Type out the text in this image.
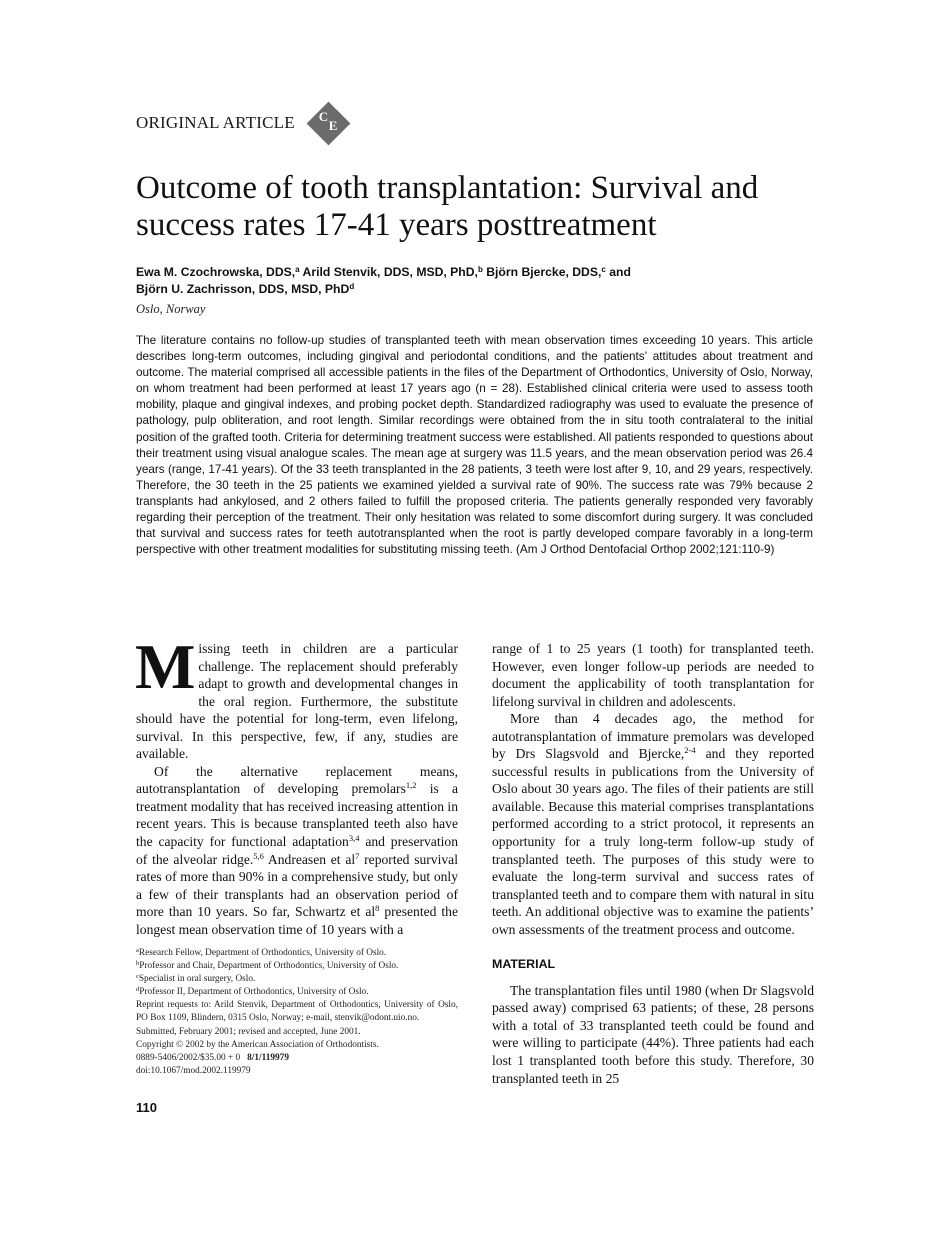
ORIGINAL ARTICLE C
E
Outcome of tooth transplantation: Survival and
success rates 17-41 years posttreatment
Ewa M. Czochrowska, DDS,$^a$ Arild Stenvik, DDS, MSD, PhD,$^b$ Björn Bjercke, DDS,$^c$ and
Björn U. Zachrisson, DDS, MSD, PhD$^d$
Oslo, Norway

The literature contains no follow-up studies of transplanted teeth with mean observation times exceeding 10 years. This article describes long-term outcomes, including gingival and periodontal conditions, and the patients’ attitudes about treatment and outcome. The material comprised all accessible patients in the files of the Department of Orthodontics, University of Oslo, Norway, on whom treatment had been performed at least 17 years ago (n = 28). Established clinical criteria were used to assess tooth mobility, plaque and gingival indexes, and probing pocket depth. Standardized radiography was used to evaluate the presence of pathology, pulp obliteration, and root length. Similar recordings were obtained from the in situ tooth contralateral to the initial position of the grafted tooth. Criteria for determining treatment success were established. All patients responded to questions about their treatment using visual analogue scales. The mean age at surgery was 11.5 years, and the mean observation period was 26.4 years (range, 17-41 years). Of the 33 teeth transplanted in the 28 patients, 3 teeth were lost after 9, 10, and 29 years, respectively. Therefore, the 30 teeth in the 25 patients we examined yielded a survival rate of 90%. The success rate was 79% because 2 transplants had ankylosed, and 2 others failed to fulfill the proposed criteria. The patients generally responded very favorably regarding their perception of the treatment. Their only hesitation was related to some discomfort during surgery. It was concluded that survival and success rates for teeth autotransplanted when the root is partly developed compare favorably in a long-term perspective with other treatment modalities for substituting missing teeth. (Am J Orthod Dentofacial Orthop 2002;121:110-9)

Missing teeth in children are a particular challenge. The replacement should preferably adapt to growth and developmental changes in the oral region. Furthermore, the substitute should have the potential for long-term, even lifelong, survival. In this perspective, few, if any, studies are available.

Of the alternative replacement means, autotransplantation of developing premolars$^{1,2}$ is a treatment modality that has received increasing attention in recent years. This is because transplanted teeth also have the capacity for functional adaptation$^{3,4}$ and preservation of the alveolar ridge.$^{5,6}$ Andreasen et $al^7$ reported survival rates of more than 90% in a comprehensive study, but only a few of their transplants had an observation period of more than 10 years. So far, Schwartz et $al^8$ presented the longest mean observation time of 10 years with a

range of 1 to 25 years (1 tooth) for transplanted teeth. However, even longer follow-up periods are needed to document the applicability of tooth transplantation for lifelong survival in children and adolescents.

More than 4 decades ago, the method for autotransplantation of immature premolars was developed by Drs Slagsvold and Bjercke,$^{2-4}$ and they reported successful results in publications from the University of Oslo about 30 years ago. The files of their patients are still available. Because this material comprises transplantations performed according to a strict protocol, it represents an opportunity for a truly long-term follow-up study of transplanted teeth. The purposes of this study were to evaluate the long-term survival and success rates of transplanted teeth and to compare them with natural in situ teeth. An additional objective was to examine the patients’ own assessments of the treatment process and outcome.

MATERIAL

The transplantation files until 1980 (when Dr Slagsvold passed away) comprised 63 patients; of these, 28 persons with a total of 33 transplanted teeth could be found and were willing to participate (44%). Three patients had each lost 1 transplanted tooth before this study. Therefore, 30 transplanted teeth in 25

$^a$Research Fellow, Department of Orthodontics, University of Oslo.
$^b$Professor and Chair, Department of Orthodontics, University of Oslo.
$^c$Specialist in oral surgery, Oslo.
$^d$Professor II, Department of Orthodontics, University of Oslo.
Reprint requests to: Arild Stenvik, Department of Orthodontics, University of Oslo, PO Box 1109, Blindern, 0315 Oslo, Norway; e-mail, stenvik@odont.uio.no.
Submitted, February 2001; revised and accepted, June 2001.
Copyright © 2002 by the American Association of Orthodontists.
0889-5406/2002/$35.00 + 0 8/1/119979
doi:10.1067/mod.2002.119979
110
